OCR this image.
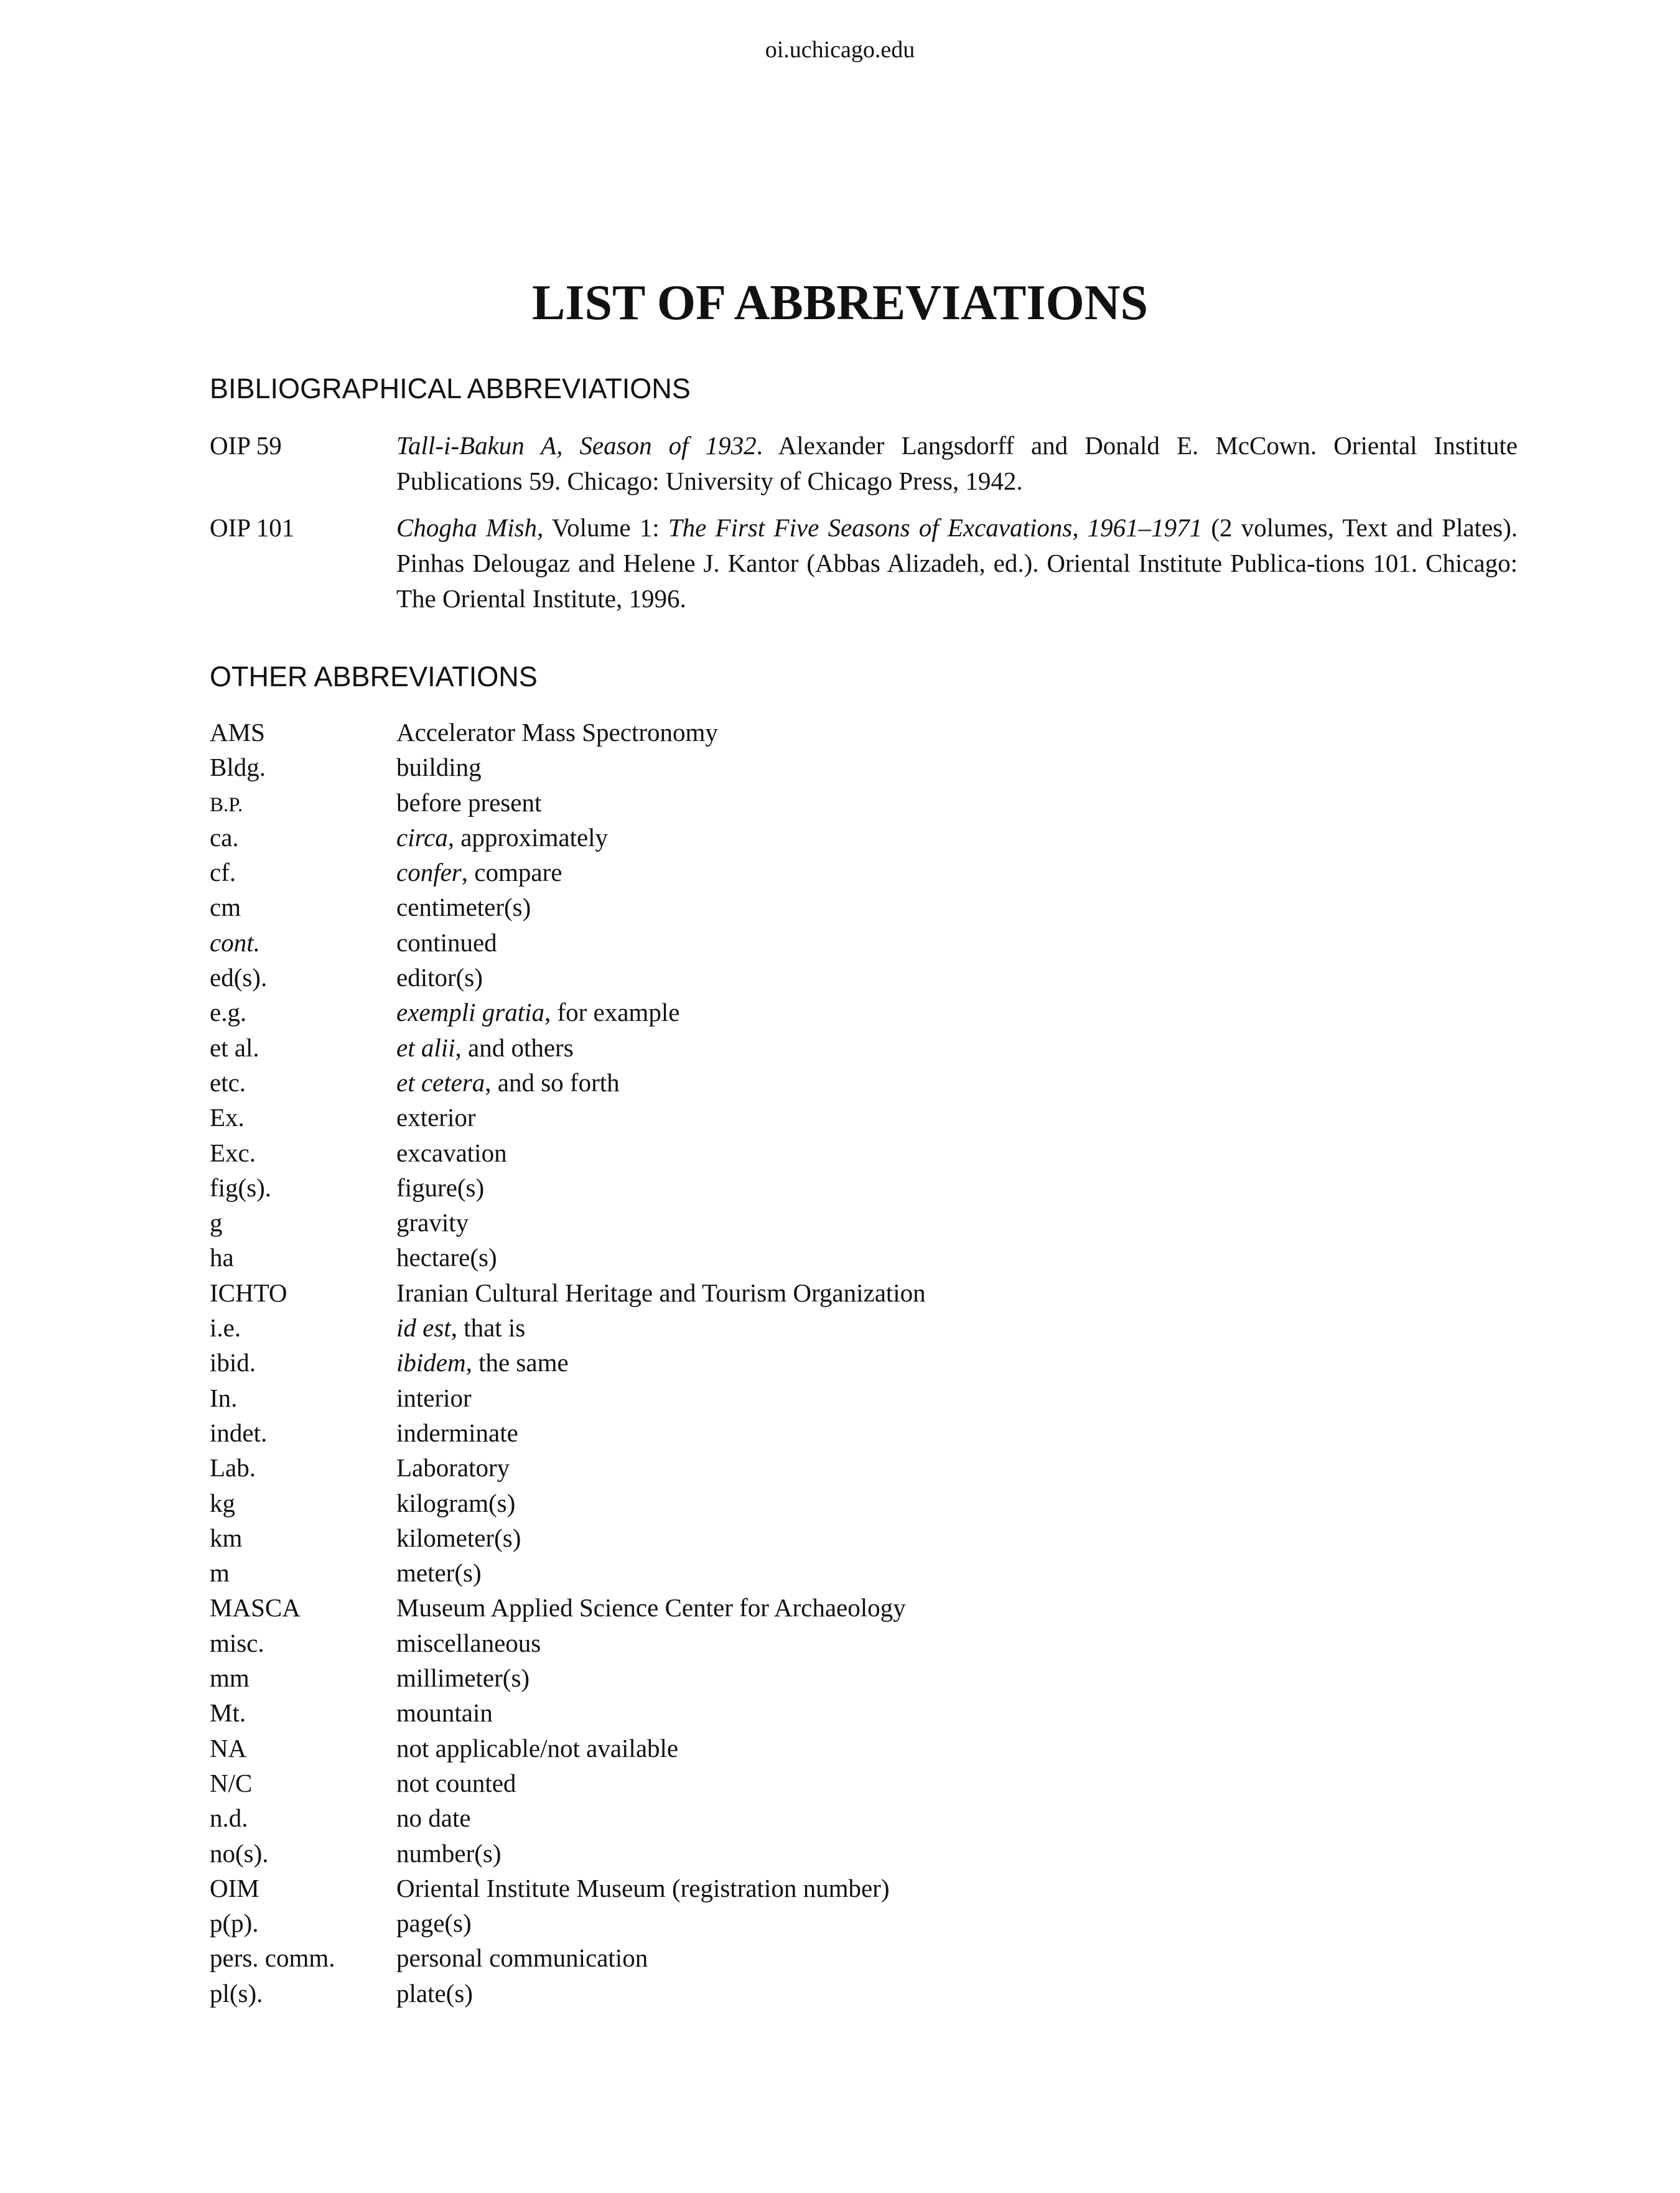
oi.uchicago.edu
LIST OF ABBREVIATIONS
BIBLIOGRAPHICAL ABBREVIATIONS
OIP 59	Tall-i-Bakun A, Season of 1932. Alexander Langsdorff and Donald E. McCown. Oriental Institute Publications 59. Chicago: University of Chicago Press, 1942.
OIP 101	Chogha Mish, Volume 1: The First Five Seasons of Excavations, 1961–1971 (2 volumes, Text and Plates). Pinhas Delougaz and Helene J. Kantor (Abbas Alizadeh, ed.). Oriental Institute Publica-tions 101. Chicago: The Oriental Institute, 1996.
OTHER ABBREVIATIONS
AMS	Accelerator Mass Spectronomy
Bldg.	building
B.P.	before present
ca.	circa, approximately
cf.	confer, compare
cm	centimeter(s)
cont.	continued
ed(s).	editor(s)
e.g.	exempli gratia, for example
et al.	et alii, and others
etc.	et cetera, and so forth
Ex.	exterior
Exc.	excavation
fig(s).	figure(s)
g	gravity
ha	hectare(s)
ICHTO	Iranian Cultural Heritage and Tourism Organization
i.e.	id est, that is
ibid.	ibidem, the same
In.	interior
indet.	inderminate
Lab.	Laboratory
kg	kilogram(s)
km	kilometer(s)
m	meter(s)
MASCA	Museum Applied Science Center for Archaeology
misc.	miscellaneous
mm	millimeter(s)
Mt.	mountain
NA	not applicable/not available
N/C	not counted
n.d.	no date
no(s).	number(s)
OIM	Oriental Institute Museum (registration number)
p(p).	page(s)
pers. comm.	personal communication
pl(s).	plate(s)
